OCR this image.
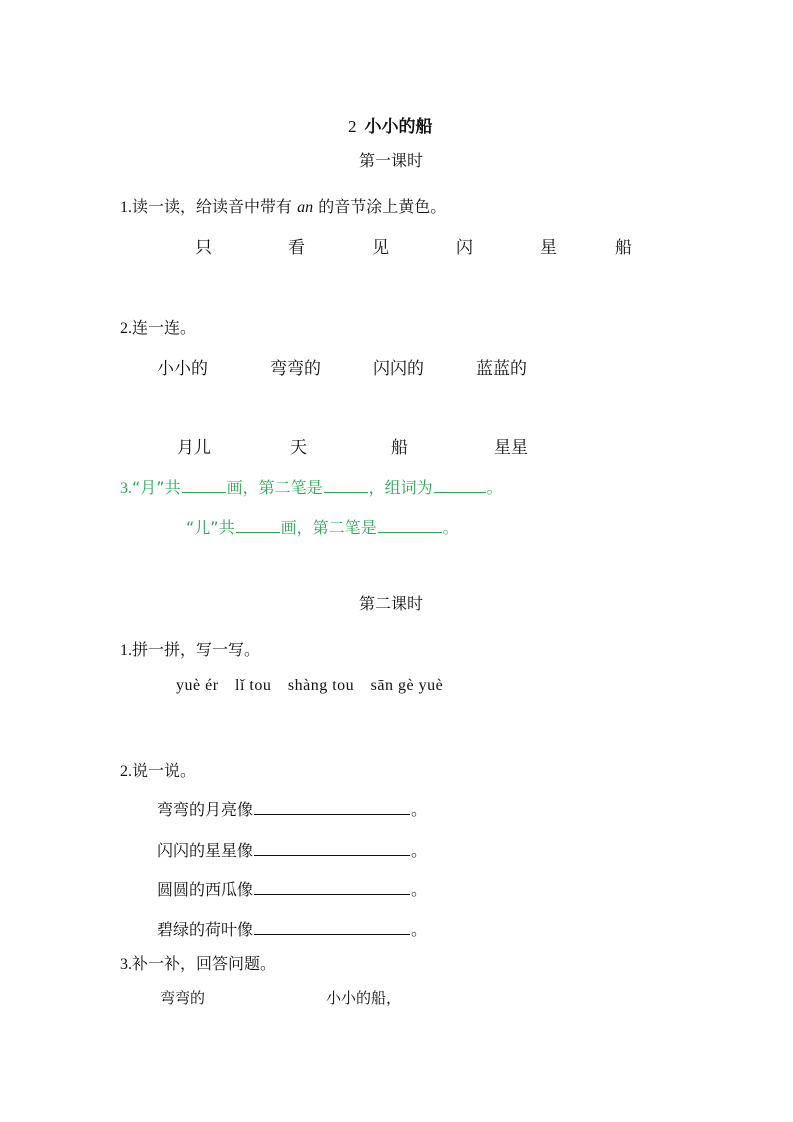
2 小小的船
第一课时
1.读一读，给读音中带有 an 的音节涂上黄色。
只	看	见	闪	星	船
2.连一连。
小小的	弯弯的	闪闪的	蓝蓝的
月儿	天	船	星星
3.“月”共	画，第二笔是	，组词为	。
“儿”共	画，第二笔是	。
第二课时
1.拼一拼，写一写。
yuè ér lǐ tou shàng tou sān gè yuè
2.说一说。
弯弯的月亮像	。
闪闪的星星像	。
圆圆的西瓜像	。
碧绿的荷叶像	。
3.补一补，回答问题。
弯弯的	小小的船，
